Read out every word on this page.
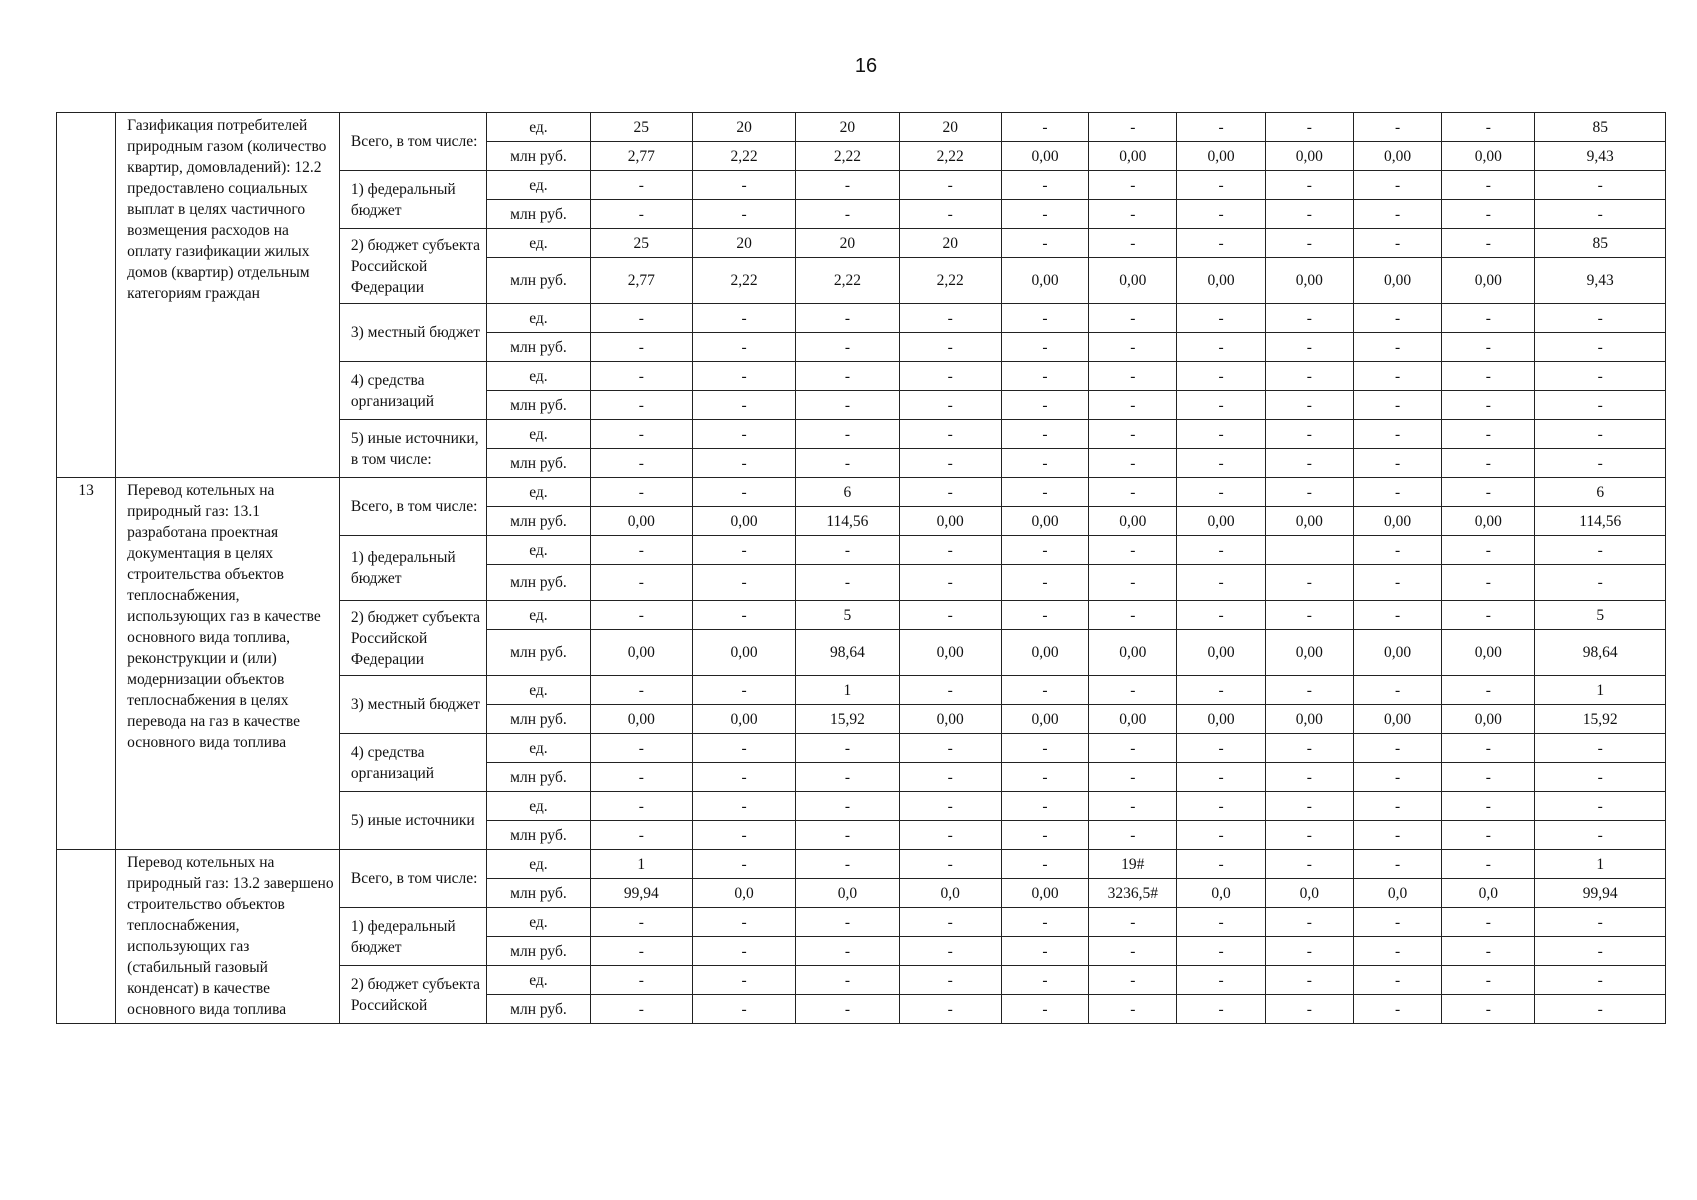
16
	Газификация потребителей природным газом (количество квартир, домовладений): 12.2 предоставлено социальных выплат в целях частичного возмещения расходов на оплату газификации жилых домов (квартир) отдельным категориям граждан	Всего, в том числе:	ед.	25	20	20	20	-	-	-	-	-	-	85
			млн руб.	2,77	2,22	2,22	2,22	0,00	0,00	0,00	0,00	0,00	0,00	9,43
		1) федеральный бюджет	ед.	-	-	-	-	-	-	-	-	-	-	-
			млн руб.	-	-	-	-	-	-	-	-	-	-	-
		2) бюджет субъекта Российской Федерации	ед.	25	20	20	20	-	-	-	-	-	-	85
			млн руб.	2,77	2,22	2,22	2,22	0,00	0,00	0,00	0,00	0,00	0,00	9,43
		3) местный бюджет	ед.	-	-	-	-	-	-	-	-	-	-	-
			млн руб.	-	-	-	-	-	-	-	-	-	-	-
		4) средства организаций	ед.	-	-	-	-	-	-	-	-	-	-	-
			млн руб.	-	-	-	-	-	-	-	-	-	-	-
		5) иные источники, в том числе:	ед.	-	-	-	-	-	-	-	-	-	-	-
			млн руб.	-	-	-	-	-	-	-	-	-	-	-
13	Перевод котельных на природный газ: 13.1 разработана проектная документация в целях строительства объектов теплоснабжения, использующих газ в качестве основного вида топлива, реконструкции и (или) модернизации объектов теплоснабжения в целях перевода на газ в качестве основного вида топлива	Всего, в том числе:	ед.	-	-	6	-	-	-	-	-	-	-	6
			млн руб.	0,00	0,00	114,56	0,00	0,00	0,00	0,00	0,00	0,00	0,00	114,56
		1) федеральный бюджет	ед.	-	-	-	-	-	-	-		-	-	-
			млн руб.	-	-	-	-	-	-	-	-	-	-	-
		2) бюджет субъекта Российской Федерации	ед.	-	-	5	-	-	-	-	-	-	-	5
			млн руб.	0,00	0,00	98,64	0,00	0,00	0,00	0,00	0,00	0,00	0,00	98,64
		3) местный бюджет	ед.	-	-	1	-	-	-	-	-	-	-	1
			млн руб.	0,00	0,00	15,92	0,00	0,00	0,00	0,00	0,00	0,00	0,00	15,92
		4) средства организаций	ед.	-	-	-	-	-	-	-	-	-	-	-
			млн руб.	-	-	-	-	-	-	-	-	-	-	-
		5) иные источники	ед.	-	-	-	-	-	-	-	-	-	-	-
			млн руб.	-	-	-	-	-	-	-	-	-	-	-
	Перевод котельных на природный газ: 13.2 завершено строительство объектов теплоснабжения, использующих газ (стабильный газовый конденсат) в качестве основного вида топлива	Всего, в том числе:	ед.	1	-	-	-	-	19#	-	-	-	-	1
			млн руб.	99,94	0,0	0,0	0,0	0,00	3236,5#	0,0	0,0	0,0	0,0	99,94
		1) федеральный бюджет	ед.	-	-	-	-	-	-	-	-	-	-	-
			млн руб.	-	-	-	-	-	-	-	-	-	-	-
		2) бюджет субъекта Российской	ед.	-	-	-	-	-	-	-	-	-	-	-
			млн руб.	-	-	-	-	-	-	-	-	-	-	-
